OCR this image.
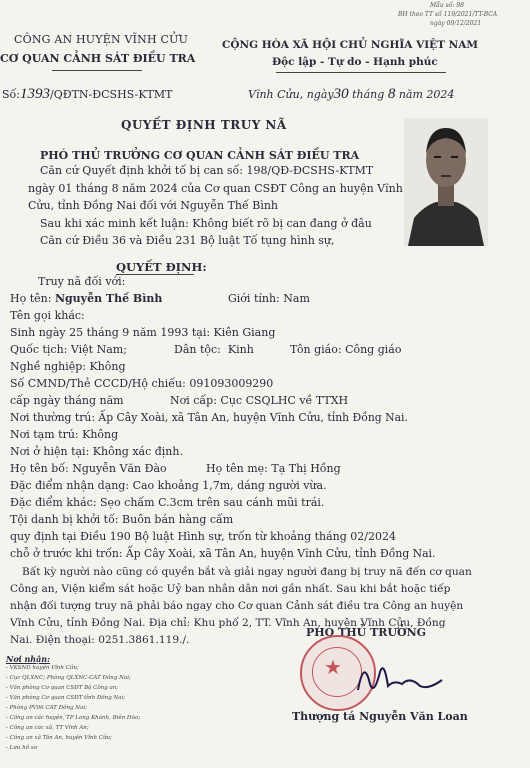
Mẫu số: 98
BH theo TT số 119/2021/TT-BCA
ngày 09/12/2021
CÔNG AN HUYỆN VĨNH CỬU
CƠ QUAN CẢNH SÁT ĐIỀU TRA
CỘNG HÒA XÃ HỘI CHỦ NGHĨA VIỆT NAM
Độc lập - Tự do - Hạnh phúc
Số:1393/QĐTN-ĐCSHS-KTMT	Vĩnh Cửu, ngày30 tháng 8 năm 2024
QUYẾT ĐỊNH TRUY NÃ
PHÓ THỦ TRƯỞNG CƠ QUAN CẢNH SÁT ĐIỀU TRA
Căn cứ Quyết định khởi tố bị can số: 198/QĐ-ĐCSHS-KTMT
ngày 01 tháng 8 năm 2024 của Cơ quan CSĐT Công an huyện Vĩnh
Cửu, tỉnh Đồng Nai đối với Nguyễn Thế Bình
Sau khi xác minh kết luận: Không biết rõ bị can đang ở đâu
Căn cứ Điều 36 và Điều 231 Bộ luật Tố tụng hình sự,
QUYẾT ĐỊNH:
Truy nã đối với:
Họ tên: Nguyễn Thế Bình	Giới tính: Nam
Tên gọi khác:
Sinh ngày 25 tháng 9 năm 1993 tại: Kiên Giang
Quốc tịch: Việt Nam;	Dân tộc: Kinh	Tôn giáo: Công giáo
Nghề nghiệp: Không
Số CMND/Thẻ CCCD/Hộ chiếu: 091093009290
cấp ngày tháng năm	Nơi cấp: Cục CSQLHC về TTXH
Nơi thường trú: Ấp Cây Xoài, xã Tân An, huyện Vĩnh Cửu, tỉnh Đồng Nai.
Nơi tạm trú: Không
Nơi ở hiện tại: Không xác định.
Họ tên bố: Nguyễn Văn Đào	Họ tên mẹ: Tạ Thị Hồng
Đặc điểm nhận dạng: Cao khoảng 1,7m, dáng người vừa.
Đặc điểm khác: Sẹo chấm C.3cm trên sau cánh mũi trái.
Tội danh bị khởi tố: Buôn bán hàng cấm
quy định tại Điều 190 Bộ luật Hình sự, trốn từ khoảng tháng 02/2024
chỗ ở trước khi trốn: Ấp Cây Xoài, xã Tân An, huyện Vĩnh Cửu, tỉnh Đồng Nai.
Bất kỳ người nào cũng có quyền bắt và giải ngay người đang bị truy nã đến cơ quan
Công an, Viện kiểm sát hoặc Uỷ ban nhân dân nơi gần nhất. Sau khi bắt hoặc tiếp
nhận đối tượng truy nã phải báo ngay cho Cơ quan Cảnh sát điều tra Công an huyện
Vĩnh Cửu, tỉnh Đồng Nai. Địa chỉ: Khu phố 2, TT. Vĩnh An, huyện Vĩnh Cửu, Đồng
Nai. Điện thoại: 0251.3861.119./.
Nơi nhận:
- VKSND huyện Vĩnh Cửu;
- Cục QLXNC; Phòng QLXNC-CAT Đồng Nai;
- Văn phòng Cơ quan CSĐT Bộ Công an;
- Văn phòng Cơ quan CSĐT tỉnh Đồng Nai;
- Phòng PV06 CAT Đồng Nai;
- Công an các huyện, TP Long Khánh, Biên Hòa;
- Công an các xã, TT Vĩnh An;
- Công an xã Tân An, huyện Vĩnh Cửu;
- Lưu hồ sơ
PHÓ THỦ TRƯỞNG
★
Thượng tá Nguyễn Văn Loan
